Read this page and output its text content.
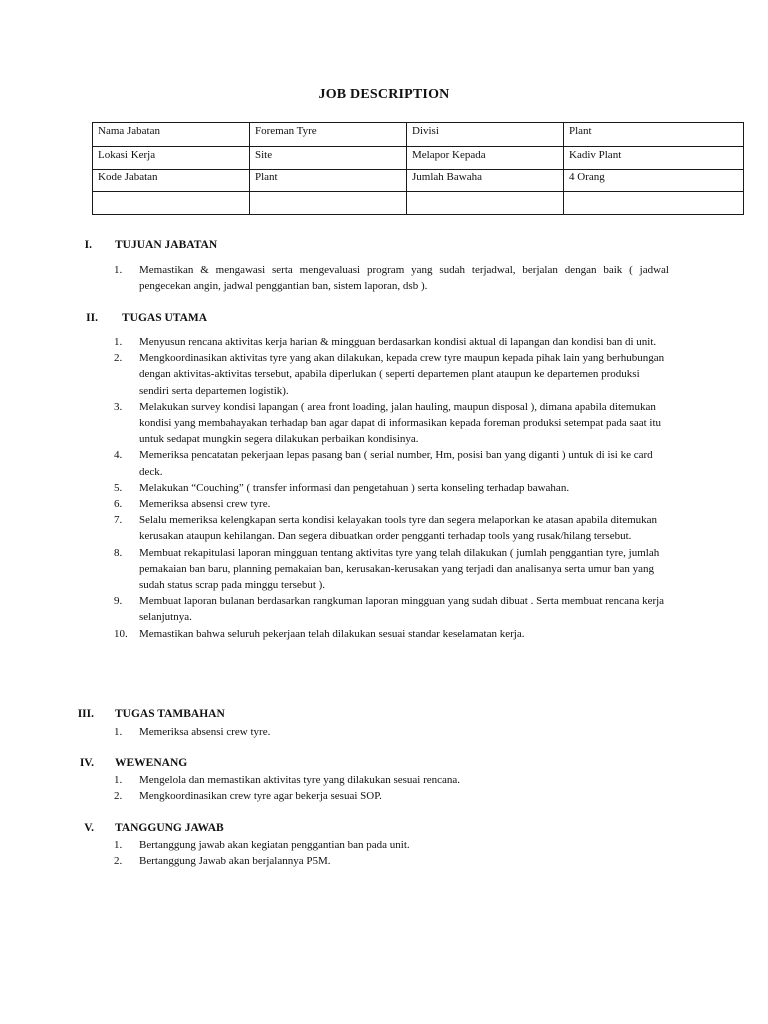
JOB DESCRIPTION
Nama Jabatan	Foreman Tyre	Divisi	Plant
Lokasi Kerja	Site	Melapor Kepada	Kadiv Plant
Kode Jabatan	Plant	Jumlah Bawaha	4 Orang

I. TUJUAN JABATAN
1. Memastikan & mengawasi serta mengevaluasi program yang sudah terjadwal, berjalan dengan baik ( jadwal pengecekan angin, jadwal penggantian ban, sistem laporan, dsb ).
II. TUGAS UTAMA
1. Menyusun rencana aktivitas kerja harian & mingguan berdasarkan kondisi aktual di lapangan dan kondisi ban di unit.
2. Mengkoordinasikan aktivitas tyre yang akan dilakukan, kepada crew tyre maupun kepada pihak lain yang berhubungan dengan aktivitas-aktivitas tersebut, apabila diperlukan ( seperti departemen plant ataupun ke departemen produksi sendiri serta departemen logistik).
3. Melakukan survey kondisi lapangan ( area front loading, jalan hauling, maupun disposal ), dimana apabila ditemukan kondisi yang membahayakan terhadap ban agar dapat di informasikan kepada foreman produksi setempat pada saat itu untuk sedapat mungkin segera dilakukan perbaikan kondisinya.
4. Memeriksa pencatatan pekerjaan lepas pasang ban ( serial number, Hm, posisi ban yang diganti ) untuk di isi ke card deck.
5. Melakukan “Couching” ( transfer informasi dan pengetahuan ) serta konseling terhadap bawahan.
6. Memeriksa absensi crew tyre.
7. Selalu memeriksa kelengkapan serta kondisi kelayakan tools tyre dan segera melaporkan ke atasan apabila ditemukan kerusakan ataupun kehilangan. Dan segera dibuatkan order pengganti terhadap tools yang rusak/hilang tersebut.
8. Membuat rekapitulasi laporan mingguan tentang aktivitas tyre yang telah dilakukan ( jumlah penggantian tyre, jumlah pemakaian ban baru, planning pemakaian ban, kerusakan-kerusakan yang terjadi dan analisanya serta umur ban yang sudah status scrap pada minggu tersebut ).
9. Membuat laporan bulanan berdasarkan rangkuman laporan mingguan yang sudah dibuat . Serta membuat rencana kerja selanjutnya.
10. Memastikan bahwa seluruh pekerjaan telah dilakukan sesuai standar keselamatan kerja.
III. TUGAS TAMBAHAN
1. Memeriksa absensi crew tyre.
IV. WEWENANG
1. Mengelola dan memastikan aktivitas tyre yang dilakukan sesuai rencana.
2. Mengkoordinasikan crew tyre agar bekerja sesuai SOP.
V. TANGGUNG JAWAB
1. Bertanggung jawab akan kegiatan penggantian ban pada unit.
2. Bertanggung Jawab akan berjalannya P5M.
